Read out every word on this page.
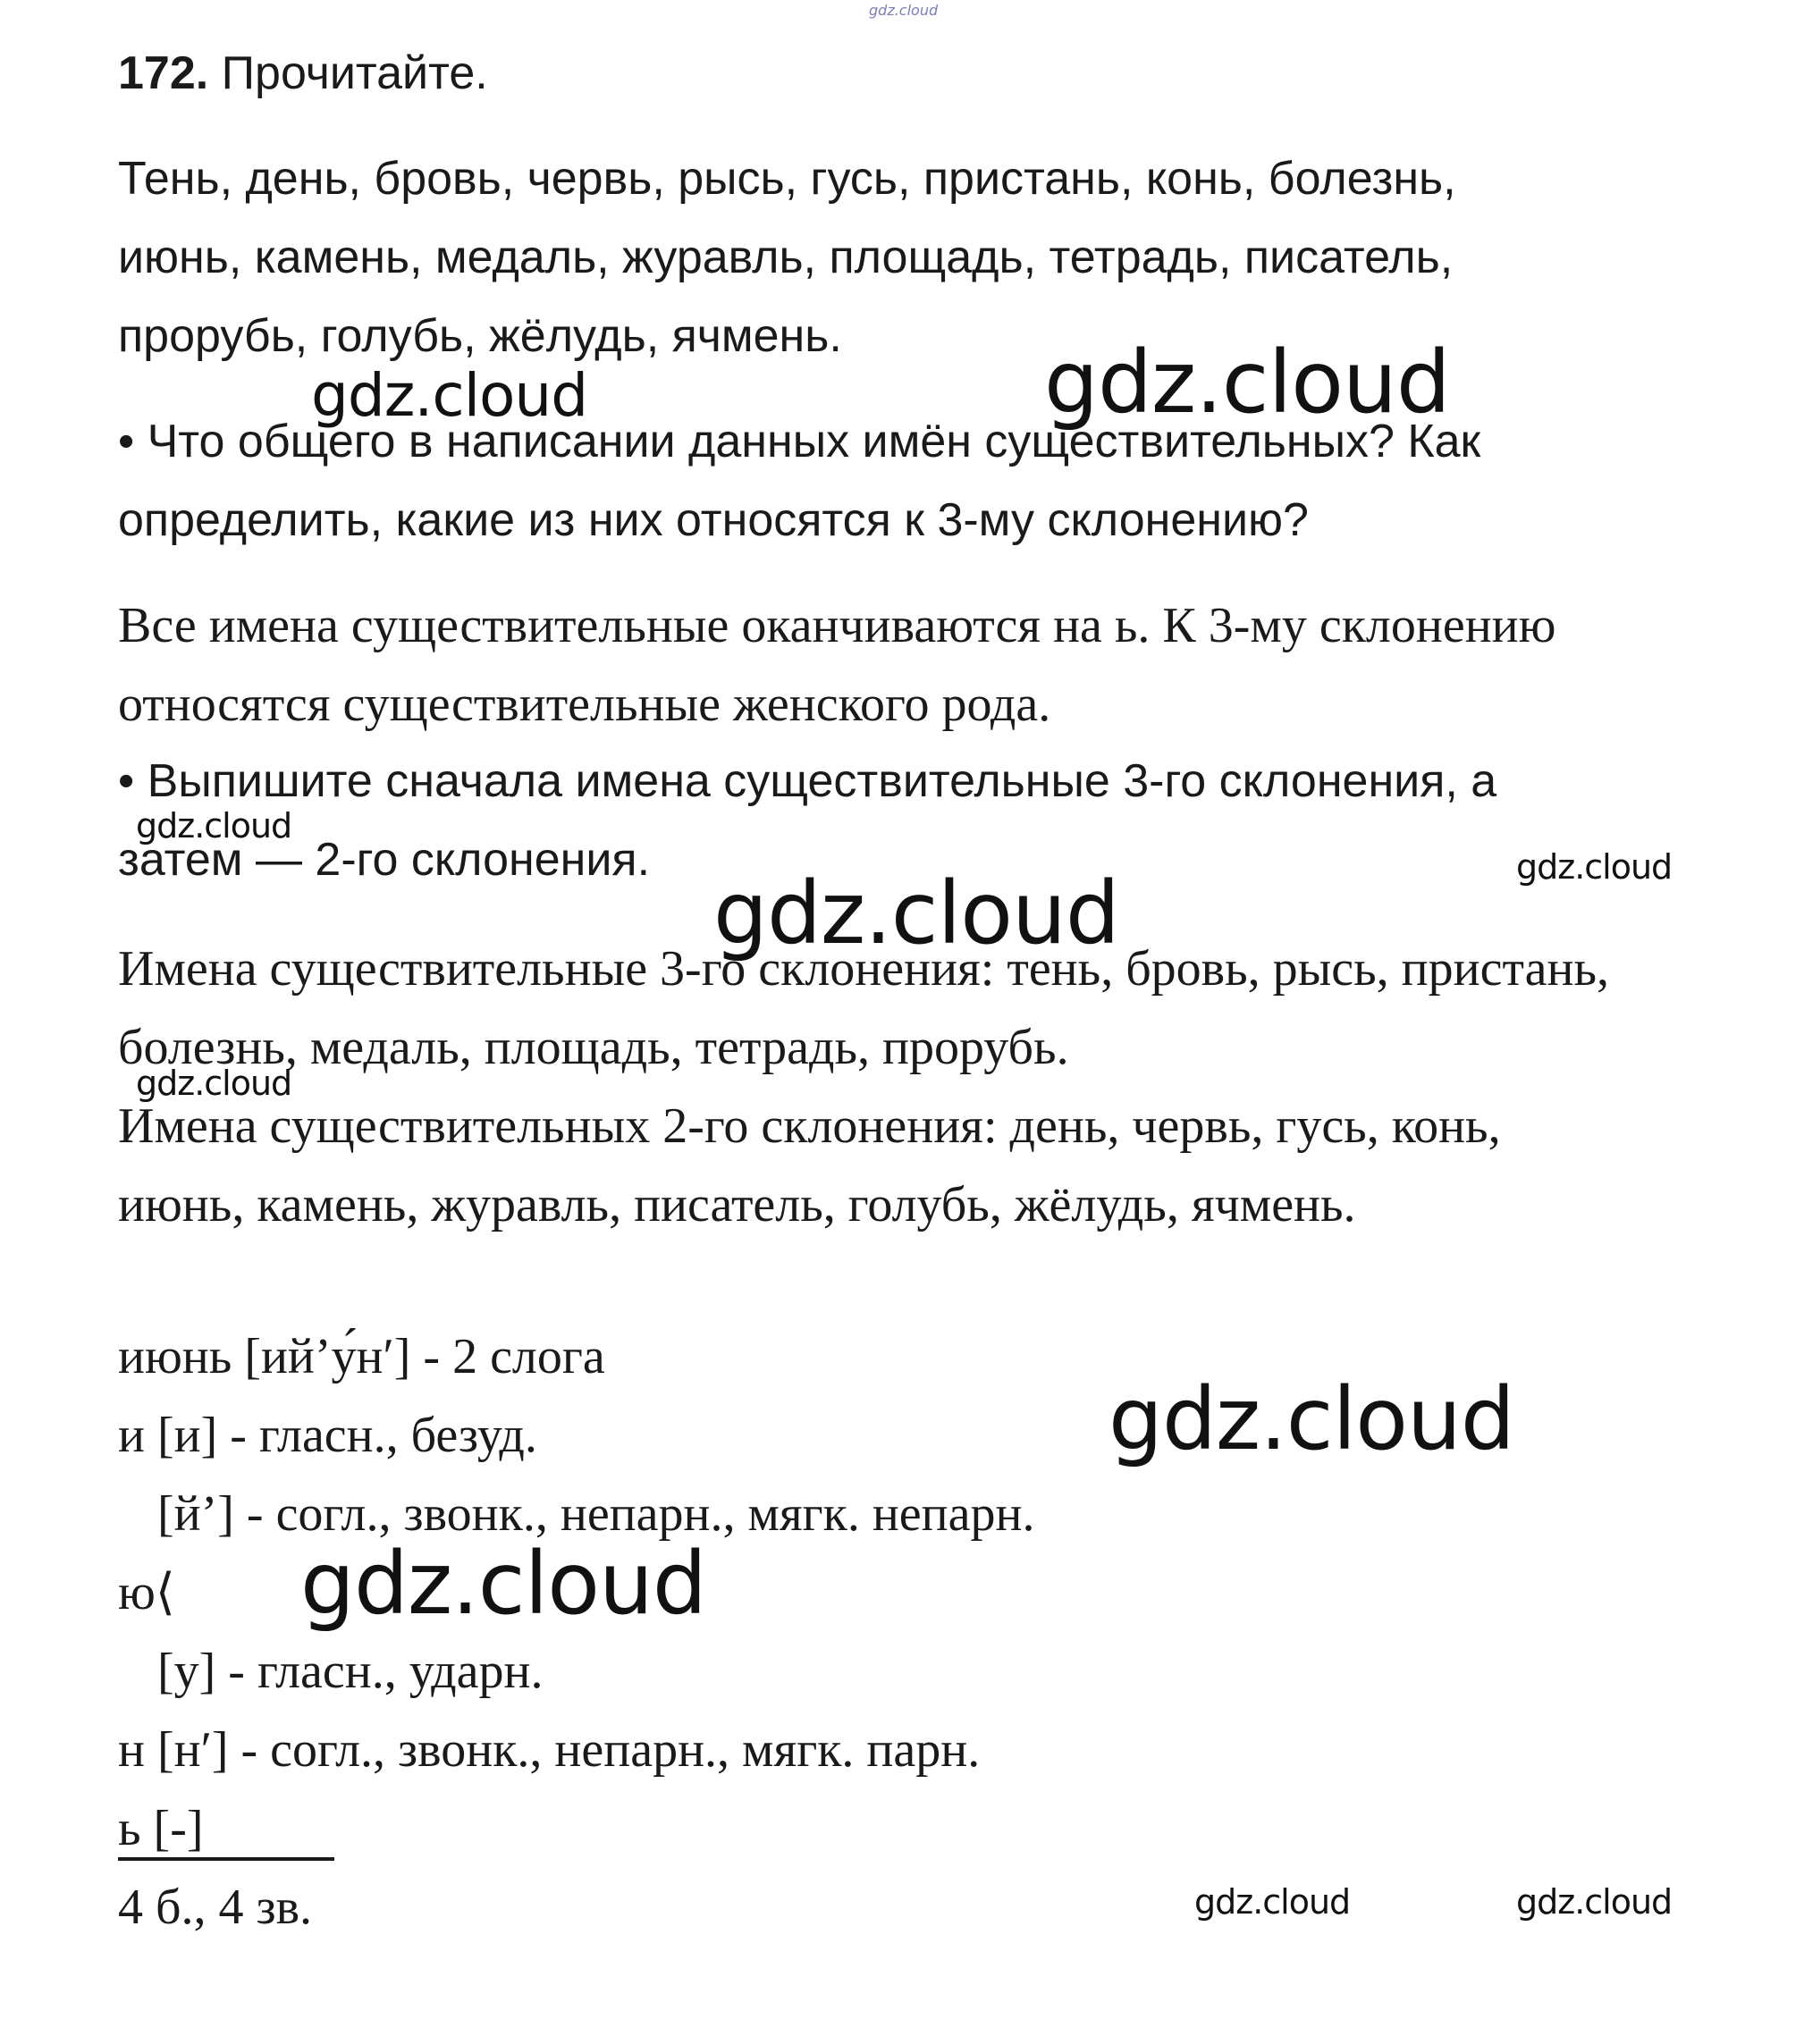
gdz.cloud
172. Прочитайте.
Тень, день, бровь, червь, рысь, гусь, пристань, конь, болезнь,
июнь, камень, медаль, журавль, площадь, тетрадь, писатель,
прорубь, голубь, жёлудь, ячмень.
• Что общего в написании данных имён существительных? Как
определить, какие из них относятся к 3-му склонению?
Все имена существительные оканчиваются на ь. К 3-му склонению
относятся существительные женского рода.
• Выпишите сначала имена существительные 3-го склонения, а
затем — 2-го склонения.
Имена существительные 3-го склонения: тень, бровь, рысь, пристань,
болезнь, медаль, площадь, тетрадь, прорубь.
Имена существительных 2-го склонения: день, червь, гусь, конь,
июнь, камень, журавль, писатель, голубь, жёлудь, ячмень.
июнь [ий’у́н′] - 2 слога
и [и] - гласн., безуд.
[й’] - согл., звонк., непарн., мягк. непарн.
ю⟨
[у] - гласн., ударн.
н [н′] - согл., звонк., непарн., мягк. парн.
ь [-]
4 б., 4 зв.
gdz.cloud	gdz.cloud
gdz.cloud
gdz.cloud
gdz.cloud
gdz.cloud
gdz.cloud
gdz.cloud
gdz.cloud	gdz.cloud
